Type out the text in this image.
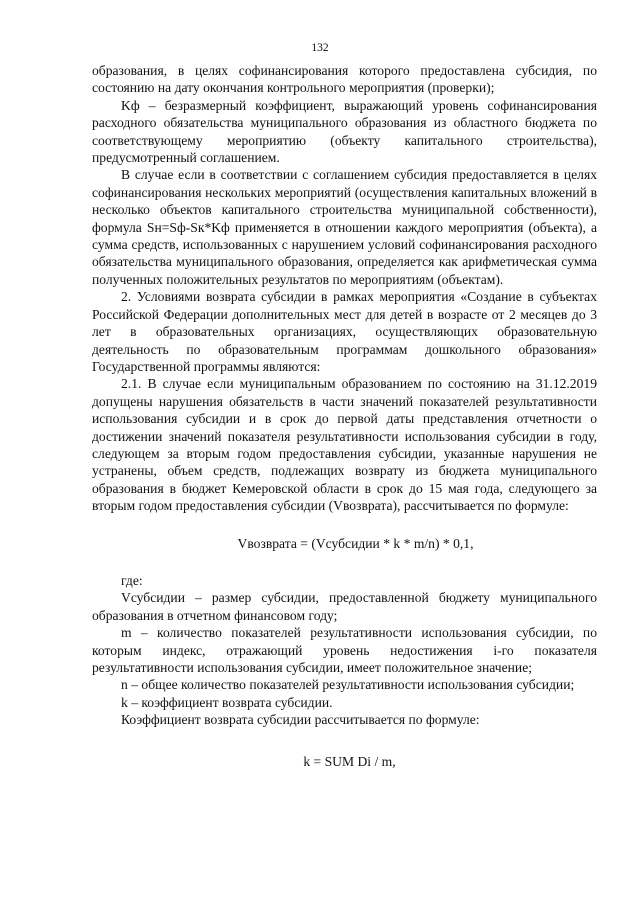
132

образования, в целях софинансирования которого предоставлена субсидия, по состоянию на дату окончания контрольного мероприятия (проверки);

Kф – безразмерный коэффициент, выражающий уровень софинансирования расходного обязательства муниципального образования из областного бюджета по соответствующему мероприятию (объекту капитального строительства), предусмотренный соглашением.

В случае если в соответствии с соглашением субсидия предоставляется в целях софинансирования нескольких мероприятий (осуществления капитальных вложений в несколько объектов капитального строительства муниципальной собственности), формула Sн=Sф-Sк*Kф применяется в отношении каждого мероприятия (объекта), а сумма средств, использованных с нарушением условий софинансирования расходного обязательства муниципального образования, определяется как арифметическая сумма полученных положительных результатов по мероприятиям (объектам).

2. Условиями возврата субсидии в рамках мероприятия «Создание в субъектах Российской Федерации дополнительных мест для детей в возрасте от 2 месяцев до 3 лет в образовательных организациях, осуществляющих образовательную деятельность по образовательным программам дошкольного образования» Государственной программы являются:

2.1. В случае если муниципальным образованием по состоянию на 31.12.2019 допущены нарушения обязательств в части значений показателей результативности использования субсидии и в срок до первой даты представления отчетности о достижении значений показателя результативности использования субсидии в году, следующем за вторым годом предоставления субсидии, указанные нарушения не устранены, объем средств, подлежащих возврату из бюджета муниципального образования в бюджет Кемеровской области в срок до 15 мая года, следующего за вторым годом предоставления субсидии (Vвозврата), рассчитывается по формуле:

Vвозврата = (Vсубсидии * k * m/n) * 0,1,

где:

Vсубсидии – размер субсидии, предоставленной бюджету муниципального образования в отчетном финансовом году;

m – количество показателей результативности использования субсидии, по которым индекс, отражающий уровень недостижения i-го показателя результативности использования субсидии, имеет положительное значение;

n – общее количество показателей результативности использования субсидии;

k – коэффициент возврата субсидии.

Коэффициент возврата субсидии рассчитывается по формуле:

k = SUM Di / m,
